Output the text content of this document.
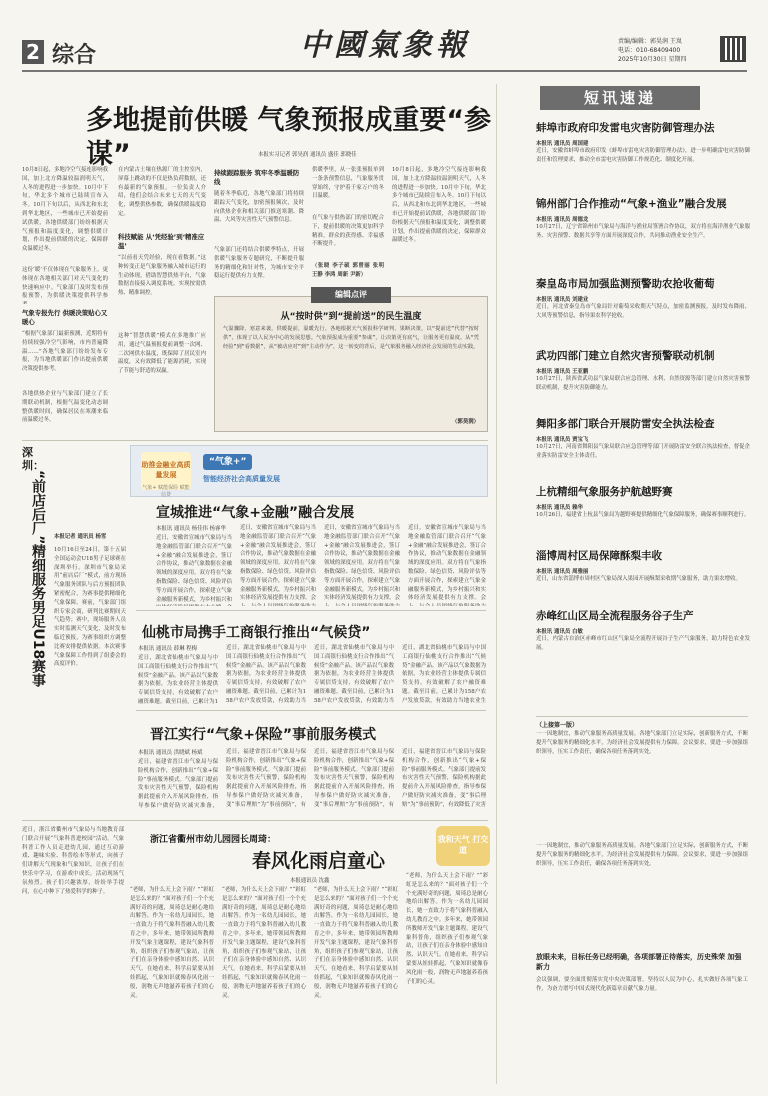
2 综合	中國氣象報	责编/编辑：郭昊润 王岚
电话：010-68409400
2025年10月30日 星期四
多地提前供暖 气象预报成重要“参谋”	本报实习记者 郭昊润 通讯员 盛佳 郭晓佳
10月8日起，多地冷空气接连影响我国，加上北方降温较温润明天气，人冬的进程进一步加快。10月中下旬，华北多个城市已陆续宣布入冬。10月下旬以后，从西北和东北到华北地区，一些城市已开始提前试供暖，各地供暖部门纷纷根据天气预报和温度变化，调整供暖计划，作出提前供暖的决定，保障群众温暖过冬。
这份‘暖’不仅体现在气象服务上，更体现在各地相关部门对天气变化的快速响应中。气象部门及时发布预报预警，为供暖决策提供科学参
气象专报先行 供暖决策贴心又暖心
“根据气象部门最新预测，近期将有持续较强冷空气影响，市内普遍降温……”各地气象部门纷纷发布专报，为当地供暖部门作出提前供暖决策提供参考。
各地供热企业与气象部门建立了长期联动机制，根据气温变化动态调整供暖时间，确保居民在寒潮来临前温暖过冬。
在内蒙古土壤在热源厂的主控室内，屏幕上跳动的不仅是热负荷数据，还有最新的气象预报。一位负责人介绍，他们会结合未来七天的天气变化，调整供热参数，确保供暖温度稳定。
科技赋能 从‘凭经验’到‘精准应温’
“以前看天凭经验，现在看数据。”这种转变正是气象服务融入城市运行的生动体现。借助智慧供热平台，气象数据直接接入调度系统，实现按需供热、精准调控。
这种“智慧供暖”模式在多地推广应用，通过气温预报提前调整一次网、二次网供水温度，既保障了居民室内温度，又有效降低了能源消耗，实现了节能与舒适的双赢。
持续跟踪服务 筑牢冬季温暖防线
随着冬季临近，各地气象部门将持续跟踪天气变化，加密预报频次，及时向供热企业和相关部门推送寒潮、降温、大风等灾害性天气预警信息。
气象部门还将结合供暖季特点，开展供暖气象服务专题研究，不断提升服务的精细化和针对性，为城市安全平稳运行提供有力支撑。
供暖季里，从一张张预报单到一条条预警信息，气象服务贯穿始终，守护着千家万户的冬日温暖。
在气象与供热部门的密切配合下，提前供暖的决策更加科学精准，群众的获得感、幸福感不断提升。
（张晓 李子硕 郭曾丽 张明 王静 李鸿 周新 尹新）
10月8日起，多地冷空气接连影响我国，加上北方降温较温润明天气，人冬的进程进一步加快。10月中下旬，华北多个城市已陆续宣布入冬。10月下旬以后，从西北和东北到华北地区，一些城市已开始提前试供暖，各地供暖部门纷纷根据天气预报和温度变化，调整供暖计划，作出提前供暖的决定，保障群众温暖过冬。
编辑点评
从“按时供”到“提前送”的民生温度
气温骤降，寒意来袭。供暖提前，温暖先行。各地根据天气预报科学研判、果断决策，以“提前送”代替“按时供”，体现了以人民为中心的发展思想。气象预报成为重要“参谋”，让决策更有底气，让服务更有温度。从“凭经验”到“看数据”，从“被动应对”到“主动作为”，这一转变的背后，是气象服务融入经济社会发展的生动实践。
（郭昊润）
深圳：
“前店后厂”精细服务男足U18赛事 本报记者 通讯员 杨雪
10月16日至24日，第十五届全国运动会U18男子足球赛在深圳举行。深圳市气象局采用“前店后厂”模式，前方现场气象服务团队与后方预报团队紧密配合，为赛事提供精细化气象保障。赛前，气象部门组织专家会商，研判比赛期间天气趋势；赛中，现场服务人员实时监测天气变化，及时发布临近预报，为赛事组织方调整比赛安排提供依据。本次赛事气象保障工作得到了组委会的高度评价。
助推金融业高质量发展
气象+ 赋能保险 赋能信贷
“气象+”
智能经济社会高质量发展
宣城推进“气象+金融”融合发展
本报讯 通讯员 杨佳伟 杨睿华
近日，安徽省宣城市气象局与当地金融监管部门联合召开“气象+金融”融合发展推进会，签订合作协议，推动气象数据在金融领域的深度应用。双方将在气象指数保险、绿色信贷、风险评估等方面开展合作，探索建立气象金融服务新模式，为乡村振兴和
近日，安徽省宣城市气象局与当地金融监管部门联合召开“气象+金融”融合发展推进会，签订合作协议，推动气象数据在金融领域的深度应用。双方将在气象指数保险、绿色信贷、风险评估等方面开展合作，探索建立气象金融服务新模式，为乡村振兴和实体经济发展提供有力支撑。会
近日，安徽省宣城市气象局与当地金融监管部门联合召开“气象+金融”融合发展推进会，签订合作协议，推动气象数据在金融领域的深度应用。双方将在气象指数保险、绿色信贷、风险评估等方面开展合作，探索建立气象金融服务新模式，为乡村振兴和实体经济发展提供有力支撑。会
近日，安徽省宣城市气象局与当地金融监管部门联合召开“气象+金融”融合发展推进会，签订合作协议，推动气象数据在金融领域的深度应用。双方将在气象指数保险、绿色信贷、风险评估等方面开展合作，探索建立气象金融服务新模式，为乡村振兴和实体经济发展提供有力支撑。会
仙桃市局携手工商银行推出“气候贷”
本报讯 通讯员 薛琳 程梅
近日，湖北省仙桃市气象局与中国工商银行仙桃支行合作推出“气候贷”金融产品。该产品以气象数据为依据，为农业经营主体提供专属信贷支持，有效破解了农户融资难题。截至目前，已累计为1
近日，湖北省仙桃市气象局与中国工商银行仙桃支行合作推出“气候贷”金融产品。该产品以气象数据为依据，为农业经营主体提供专属信贷支持，有效破解了农户融资难题。截至目前，已累计为158户农户发放贷款，有效助力当
近日，湖北省仙桃市气象局与中国工商银行仙桃支行合作推出“气候贷”金融产品。该产品以气象数据为依据，为农业经营主体提供专属信贷支持，有效破解了农户融资难题。截至目前，已累计为158户农户发放贷款，有效助力当
近日，湖北省仙桃市气象局与中国工商银行仙桃支行合作推出“气候贷”金融产品。该产品以气象数据为依据，为农业经营主体提供专属信贷支持，有效破解了农户融资难题。截至目前，已累计为158户农户发放贷款，有效助力当地农业生
晋江实行“气象+保险”事前服务模式
本报讯 通讯员 洪晓斌 杨斌
近日，福建省晋江市气象局与保险机构合作，创新推出“气象+保险”事前服务模式。气象部门提前发布灾害性天气预警，保险机构据此提前介入开展风险排查，指导参保户做好防灾减灾准备，
近日，福建省晋江市气象局与保险机构合作，创新推出“气象+保险”事前服务模式。气象部门提前发布灾害性天气预警，保险机构据此提前介入开展风险排查，指导参保户做好防灾减灾准备，变“事后理赔”为“事前预防”，有
近日，福建省晋江市气象局与保险机构合作，创新推出“气象+保险”事前服务模式。气象部门提前发布灾害性天气预警，保险机构据此提前介入开展风险排查，指导参保户做好防灾减灾准备，变“事后理赔”为“事前预防”，有
近日，福建省晋江市气象局与保险机构合作，创新推出“气象+保险”事前服务模式。气象部门提前发布灾害性天气预警，保险机构据此提前介入开展风险排查，指导参保户做好防灾减灾准备，变“事后理赔”为“事前预防”，有效降低了灾害
近日，浙江省衢州市气象局与当地教育部门联合开展“气象科普进校园”活动。气象科普工作人员走进幼儿园，通过互动游戏、趣味实验、科普绘本等形式，向孩子们讲解天气现象和气象知识，让孩子们在快乐中学习，在游戏中成长。活动现场气氛热烈，孩子们兴趣浓厚，纷纷举手提问，在心中种下了热爱科学的种子。
浙江省衢州市幼儿园园长周琦：
春风化雨启童心
本报通讯员 沈鑫
我和天气 打交道
“老师，为什么天上会下雨？”“彩虹是怎么来的？”面对孩子们一个个充满好奇的问题，周琦总是耐心地给出解答。作为一名幼儿园园长，她一直致力于将气象科普融入幼儿教育之中。多年来，她带领园所教师开发气象主题课程，建设气象科普角，组织孩子们参观气象站，让孩子们在亲身体验中感知自然、认识天气。在她看来，科学启蒙要从娃娃抓起，气象知识就像春风化雨一般，润物无声地滋养着孩子们的心灵。
“老师，为什么天上会下雨？”“彩虹是怎么来的？”面对孩子们一个个充满好奇的问题，周琦总是耐心地给出解答。作为一名幼儿园园长，她一直致力于将气象科普融入幼儿教育之中。多年来，她带领园所教师开发气象主题课程，建设气象科普角，组织孩子们参观气象站，让孩子们在亲身体验中感知自然、认识天气。在她看来，科学启蒙要从娃娃抓起，气象知识就像春风化雨一般，润物无声地滋养着孩子们的心灵。
“老师，为什么天上会下雨？”“彩虹是怎么来的？”面对孩子们一个个充满好奇的问题，周琦总是耐心地给出解答。作为一名幼儿园园长，她一直致力于将气象科普融入幼儿教育之中。多年来，她带领园所教师开发气象主题课程，建设气象科普角，组织孩子们参观气象站，让孩子们在亲身体验中感知自然、认识天气。在她看来，科学启蒙要从娃娃抓起，气象知识就像春风化雨一般，润物无声地滋养着孩子们的心灵。
“老师，为什么天上会下雨？”“彩虹是怎么来的？”面对孩子们一个个充满好奇的问题，周琦总是耐心地给出解答。作为一名幼儿园园长，她一直致力于将气象科普融入幼儿教育之中。多年来，她带领园所教师开发气象主题课程，建设气象科普角，组织孩子们参观气象站，让孩子们在亲身体验中感知自然、认识天气。在她看来，科学启蒙要从娃娃抓起，气象知识就像春风化雨一般，润物无声地滋养着孩子们的心灵。
短讯速递
蚌埠市政府印发雷电灾害防御管理办法
本报讯 通讯员 周国建
近日，安徽省蚌埠市政府印发《蚌埠市雷电灾害防御管理办法》，进一步明确雷电灾害防御责任和管理要求，推动全市雷电灾害防御工作规范化、制度化开展。
锦州部门合作推动“气象+渔业”融合发展
本报讯 通讯员 周德龙
10月27日，辽宁省锦州市气象局与海洋与渔业局签署合作协议，双方将在海洋渔业气象服务、灾害预警、数据共享等方面开展深度合作，共同推动渔业安全生产。
秦皇岛市局加强监测预警助农抢收葡萄
本报讯 通讯员 刘建业
近日，河北省秦皇岛市气象局针对葡萄采收期天气特点，加密监测预报，及时发布降雨、大风等预警信息，指导果农科学抢收。
武功四部门建立自然灾害预警联动机制
本报讯 通讯员 王亚鹏
10月27日，陕西省武功县气象局联合应急管理、水利、自然资源等部门建立自然灾害预警联动机制，提升灾害防御能力。
舞阳多部门联合开展防雷安全执法检查
本报讯 通讯员 贾宝飞
10月27日，河南省舞阳县气象局联合应急管理等部门开展防雷安全联合执法检查，督促企业落实防雷安全主体责任。
上杭精细气象服务护航越野赛
本报讯 通讯员 赖华
10月26日，福建省上杭县气象局为越野赛提供精细化气象保障服务，确保赛事顺利进行。
淄博周村区局保障酥梨丰收
本报讯 通讯员 周雅丽
近日，山东省淄博市周村区气象局深入果园开展酥梨采收期气象服务，助力果农增收。
赤峰红山区局全流程服务谷子生产
本报讯 通讯员 白敏
近日，内蒙古自治区赤峰市红山区气象局全流程开展谷子生产气象服务，助力特色农业发展。
（上接第一版）
一一因地制宜，推动气象服务高质量发展。各地气象部门立足实际，创新服务方式，不断提升气象服务的精细化水平，为经济社会发展提供有力保障。会议要求，要进一步加强组织领导，压实工作责任，确保各项任务落到实处。
一一因地制宜，推动气象服务高质量发展。各地气象部门立足实际，创新服务方式，不断提升气象服务的精细化水平，为经济社会发展提供有力保障。会议要求，要进一步加强组织领导，压实工作责任，确保各项任务落到实处。
放眼未来，目标任务已经明确，各项部署正待落实，历史殊荣 加强新力
会议强调，要全面贯彻落实党中央决策部署，坚持以人民为中心，扎实做好各项气象工作，为奋力谱写中国式现代化新篇章贡献气象力量。
